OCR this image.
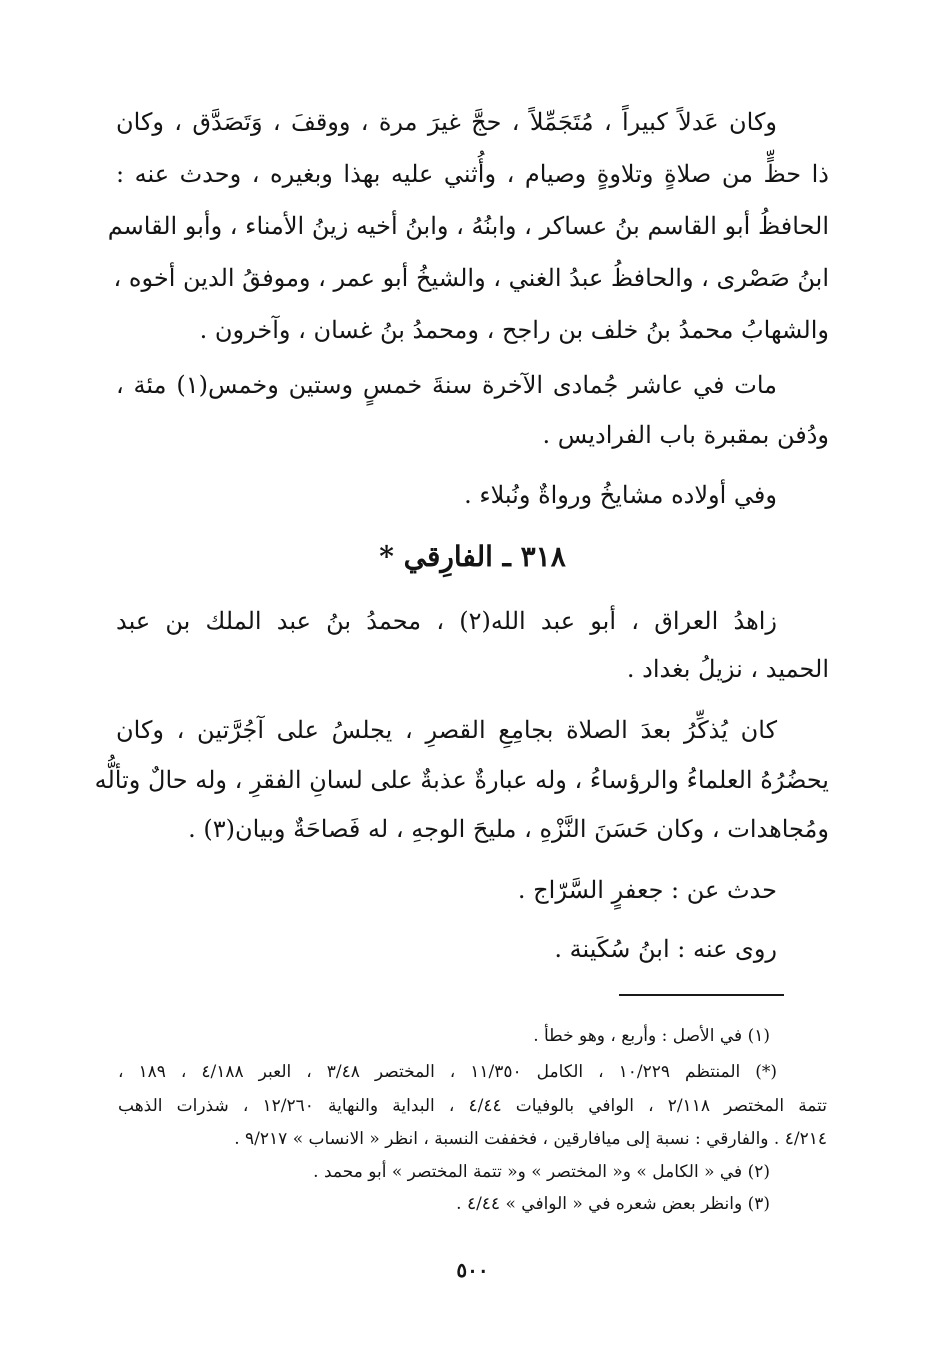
وكان عَدلاً كبيراً ، مُتَجَمِّلاً ، حجَّ غيرَ مرة ، ووقفَ ، وَتَصَدَّق ، وكان
ذا حظٍّ من صلاةٍ وتلاوةٍ وصيام ، وأُثني عليه بهذا وبغيره ، وحدث عنه :
الحافظُ أبو القاسم بنُ عساكر ، وابنُهُ ، وابنُ أخيه زينُ الأمناء ، وأبو القاسم
ابنُ صَصْرى ، والحافظُ عبدُ الغني ، والشيخُ أبو عمر ، وموفقُ الدين أخوه ،
والشهابُ محمدُ بنُ خلف بن راجح ، ومحمدُ بنُ غسان ، وآخرون .
مات في عاشر جُمادى الآخرة سنةَ خمسٍ وستين وخمس(١) مئة ،
ودُفن بمقبرة باب الفراديس .
وفي أولاده مشايخُ ورواةٌ ونُبلاء .
٣١٨ ـ الفارِقي *
زاهدُ العراق ، أبو عبد الله(٢) ، محمدُ بنُ عبد الملك بن عبد
الحميد ، نزيلُ بغداد .
كان يُذكِّرُ بعدَ الصلاة بجامِعِ القصرِ ، يجلسُ على آجُرَّتين ، وكان
يحضُرُهُ العلماءُ والرؤساءُ ، وله عبارةٌ عذبةٌ على لسانِ الفقرِ ، وله حالٌ وتألُّه
ومُجاهدات ، وكان حَسَنَ النَّزْهِ ، مليحَ الوجهِ ، له فَصاحَةٌ وبيان(٣) .
حدث عن : جعفرٍ السَّرّاج .
روى عنه : ابنُ سُكَينة .
(١) في الأصل : وأربع ، وهو خطأ .
(*) المنتظم ١٠/٢٢٩ ، الكامل ١١/٣٥٠ ، المختصر ٣/٤٨ ، العبر ٤/١٨٨ ، ١٨٩ ،
تتمة المختصر ٢/١١٨ ، الوافي بالوفيات ٤/٤٤ ، البداية والنهاية ١٢/٢٦٠ ، شذرات الذهب
٤/٢١٤ . والفارقي : نسبة إلى ميافارقين ، فخففت النسبة ، انظر « الانساب » ٩/٢١٧ .
(٢) في « الكامل » و« المختصر » و« تتمة المختصر » أبو محمد .
(٣) وانظر بعض شعره في « الوافي » ٤/٤٤ .
٥٠٠
